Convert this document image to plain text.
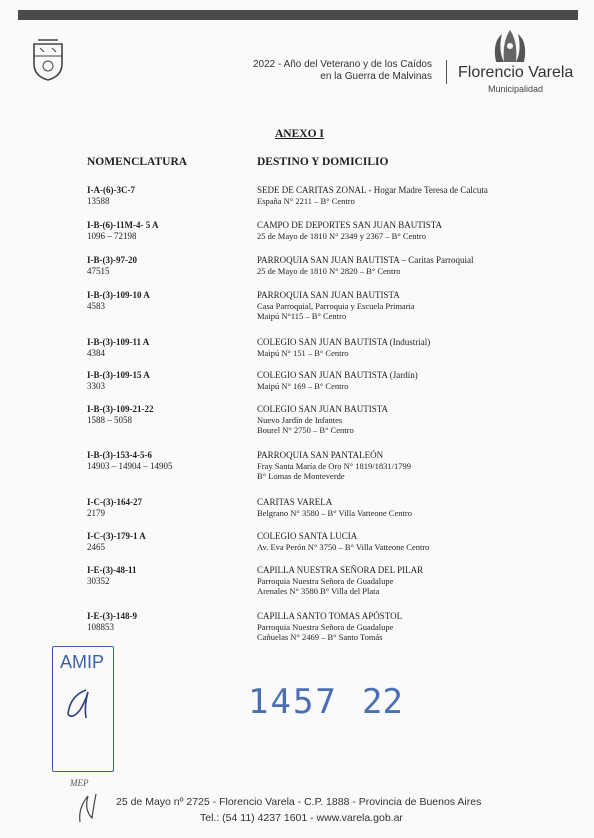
2022 - Año del Veterano y de los Caídos
en la Guerra de Malvinas Florencio Varela
Municipalidad
ANEXO I
NOMENCLATURA	DESTINO Y DOMICILIO
I-A-(6)-3C-7
13588
SEDE DE CARITAS ZONAL - Hogar Madre Teresa de Calcuta
España N° 2211 – B° Centro
I-B-(6)-11M-4- 5 A
1096 – 72198
CAMPO DE DEPORTES SAN JUAN BAUTISTA
25 de Mayo de 1810 N° 2349 y 2367 – B° Centro
I-B-(3)-97-20
47515
PARROQUIA SAN JUAN BAUTISTA – Caritas Parroquial
25 de Mayo de 1810 N° 2820 – B° Centro
I-B-(3)-109-10 A
4583
PARROQUIA SAN JUAN BAUTISTA
Casa Parroquial, Parroquia y Escuela Primaria
Maipú N°115 – B° Centro
I-B-(3)-109-11 A
4384
COLEGIO SAN JUAN BAUTISTA (Industrial)
Maipú N° 151 – B° Centro
I-B-(3)-109-15 A
3303
COLEGIO SAN JUAN BAUTISTA (Jardín)
Maipú N° 169 – B° Centro
I-B-(3)-109-21-22
1588 – 5058
COLEGIO SAN JUAN BAUTISTA
Nuevo Jardín de Infantes
Bourel N° 2750 – B° Centro
I-B-(3)-153-4-5-6
14903 – 14904 – 14905
PARROQUIA SAN PANTALEÓN
Fray Santa María de Oro N° 1819/1831/1799
B° Lomas de Monteverde
I-C-(3)-164-27
2179
CARITAS VARELA
Belgrano N° 3580 – B° Villa Vatteone Centro
I-C-(3)-179-1 A
2465
COLEGIO SANTA LUCIA
Av. Eva Perón N° 3750 – B° Villa Vatteone Centro
I-E-(3)-48-11
30352
CAPILLA NUESTRA SEÑORA DEL PILAR
Parroquia Nuestra Señora de Guadalupe
Arenales N° 3580 B° Villa del Plata
I-E-(3)-148-9
108853
CAPILLA SANTO TOMAS APÓSTOL
Parroquia Nuestra Señora de Guadalupe
Cañuelas N° 2469 – B° Santo Tomás
AMIP
1457 22
MEP
25 de Mayo nº 2725 - Florencio Varela - C.P. 1888 - Provincia de Buenos Aires
Tel.: (54 11) 4237 1601 - www.varela.gob.ar
